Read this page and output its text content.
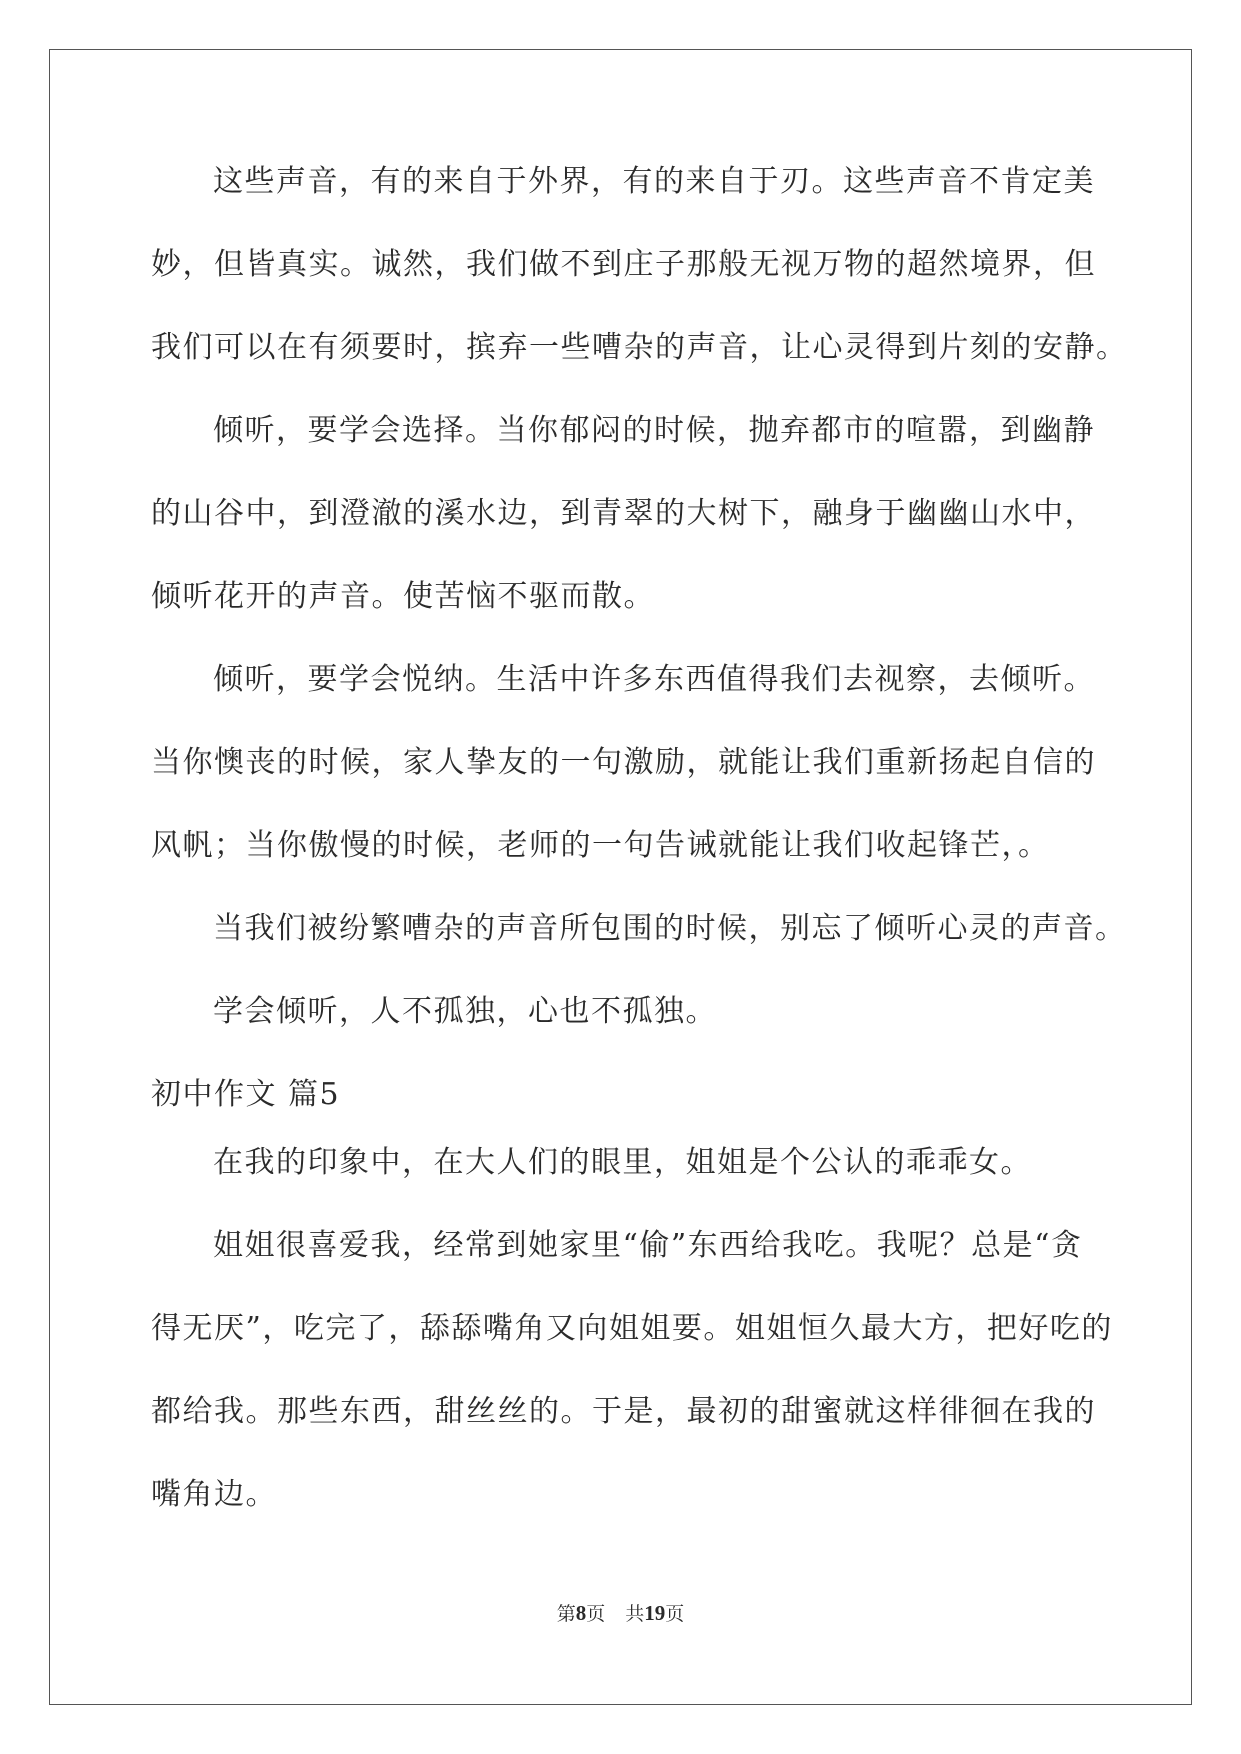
这些声音，有的来自于外界，有的来自于刃。这些声音不肯定美
妙，但皆真实。诚然，我们做不到庄子那般无视万物的超然境界，但
我们可以在有须要时，摈弃一些嘈杂的声音，让心灵得到片刻的安静。
倾听，要学会选择。当你郁闷的时候，抛弃都市的喧嚣，到幽静
的山谷中，到澄澈的溪水边，到青翠的大树下，融身于幽幽山水中，
倾听花开的声音。使苦恼不驱而散。
倾听，要学会悦纳。生活中许多东西值得我们去视察，去倾听。
当你懊丧的时候，家人挚友的一句激励，就能让我们重新扬起自信的
风帆；当你傲慢的时候，老师的一句告诫就能让我们收起锋芒，。
当我们被纷繁嘈杂的声音所包围的时候，别忘了倾听心灵的声音。
学会倾听，人不孤独，心也不孤独。
初中作文 篇5
在我的印象中，在大人们的眼里，姐姐是个公认的乖乖女。
姐姐很喜爱我，经常到她家里“偷”东西给我吃。我呢？总是“贪
得无厌”，吃完了，舔舔嘴角又向姐姐要。姐姐恒久最大方，把好吃的
都给我。那些东西，甜丝丝的。于是，最初的甜蜜就这样徘徊在我的
嘴角边。
第8页 共19页
